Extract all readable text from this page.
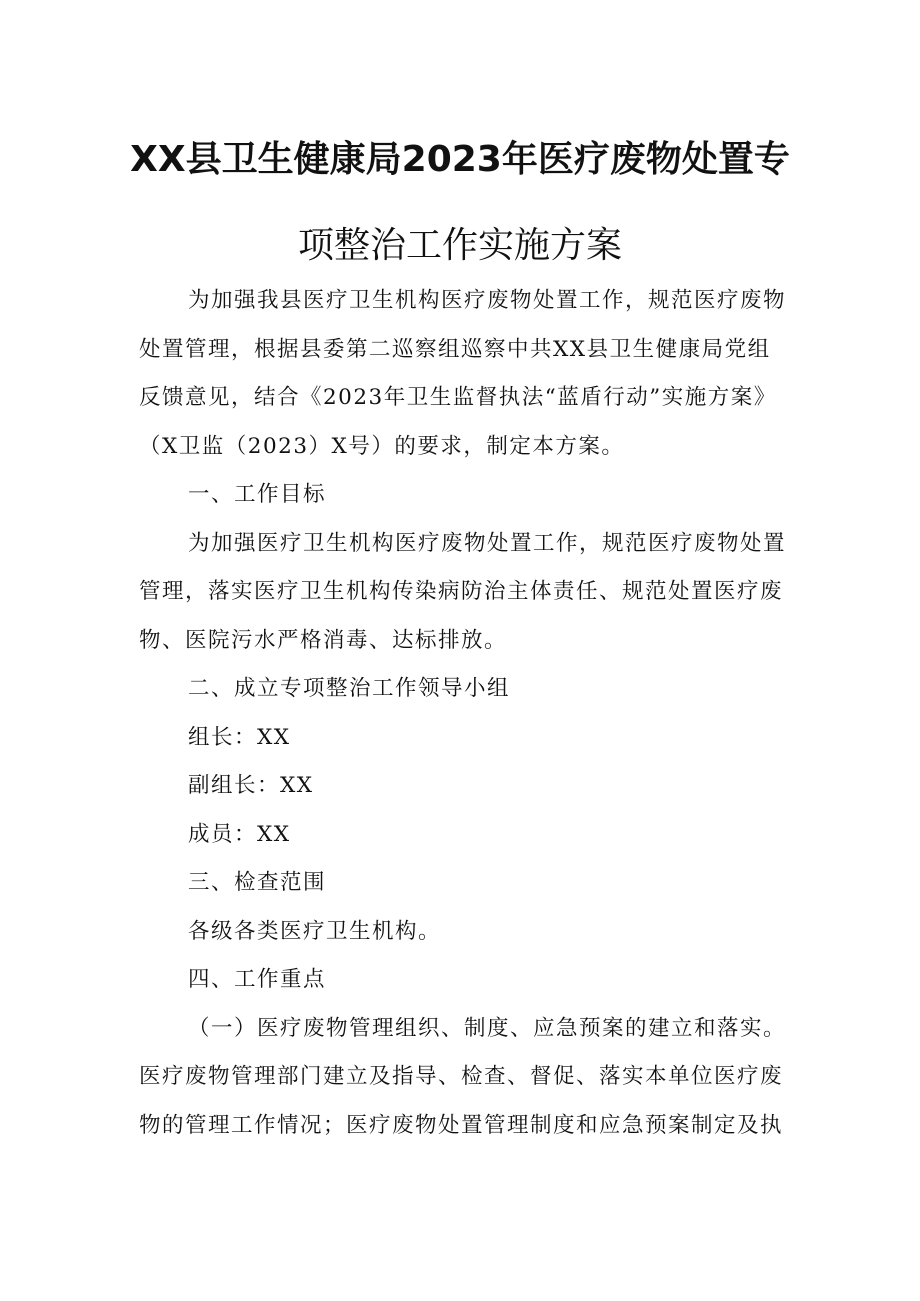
XX县卫生健康局2023年医疗废物处置专
项整治工作实施方案
为加强我县医疗卫生机构医疗废物处置工作，规范医疗废物
处置管理，根据县委第二巡察组巡察中共XX县卫生健康局党组
反馈意见，结合《2023年卫生监督执法“蓝盾行动”实施方案》
（X卫监（2023）X号）的要求，制定本方案。
一、工作目标
为加强医疗卫生机构医疗废物处置工作，规范医疗废物处置
管理，落实医疗卫生机构传染病防治主体责任、规范处置医疗废
物、医院污水严格消毒、达标排放。
二、成立专项整治工作领导小组
组长：XX
副组长：XX
成员：XX
三、检查范围
各级各类医疗卫生机构。
四、工作重点
（一）医疗废物管理组织、制度、应急预案的建立和落实。
医疗废物管理部门建立及指导、检查、督促、落实本单位医疗废
物的管理工作情况；医疗废物处置管理制度和应急预案制定及执
